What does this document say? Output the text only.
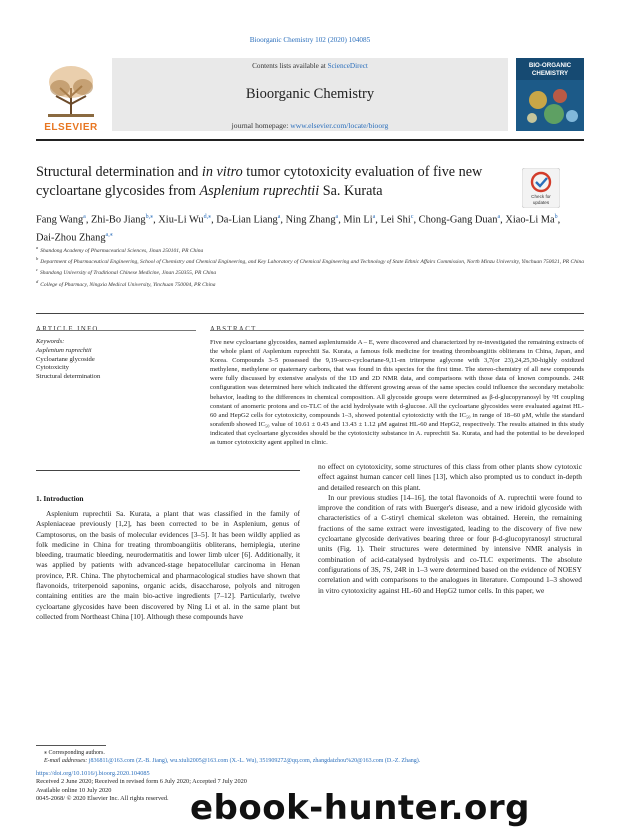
Bioorganic Chemistry 102 (2020) 104085
Contents lists available at ScienceDirect
Bioorganic Chemistry
journal homepage: www.elsevier.com/locate/bioorg
ELSEVIER
BIO-ORGANIC
CHEMISTRY
Structural determination and in vitro tumor cytotoxicity evaluation of five new cycloartane glycosides from Asplenium ruprechtii Sa. Kurata	Check for
updates
Fang Wang$^a$, Zhi-Bo Jiang$^{b,⁎}$, Xiu-Li $Wu^{d,⁎}$, Da-Lian Liang$^a$, Ning Zhang$^a$, Min Li$^a$, Lei Shi$^c$, Chong-Gang Duan$^a$, Xiao-Li Ma$^b$, Dai-Zhou Zhang$^{a,⁎}$
$^a$Shandong Academy of Pharmaceutical Sciences, Jinan 250101, PR China
$^b$Department of Pharmaceutical Engineering, School of Chemistry and Chemical Engineering, and Key Laboratory of Chemical Engineering and Technology of State Ethnic Affairs Commission, North Minzu University, Yinchuan 750021, PR China
$^c$Shandong University of Traditional Chinese Medicine, Jinan 250355, PR China
$^d$College of Pharmacy, Ningxia Medical University, Yinchuan 750004, PR China
Keywords:
Asplenium ruprechtii
Cycloartane glycoside
Cytotoxicity
Structural determination
Five new cycloartane glycosides, named aspleniumside A – E, were discovered and characterized by re-investigated the remaining extracts of the whole plant of Asplenium ruprechtii Sa. Kurata, a famous folk medicine for treating thromboangiitis obliterans in China, Japan, and Korea. Compounds 3–5 possessed the 9,19-seco-cycloartane-9,11-en triterpene aglycone with 3,7(or 23),24,25,30-highly oxidized methylene, methylene or quaternary carbons, that was found in this species for the first time. The stereo-chemistry of all new compounds were fully discussed by extensive analysis of the 1D and 2D NMR data, and comparisons with those data of known compounds. 24R configuration was determined here which indicated the different growing areas of the same species could influence the secondary metabolic behavior, leading to the differences in chemical composition. All glycoside groups were determined as β-d-glucopyranosyl by ¹H coupling constant of anomeric protons and co-TLC of the acid hydrolysate with d-glucose. All the cycloartane glycosides were evaluated against HL-60 and HepG2 cells for cytotoxicity, compounds 1–3, showed potential cytotoxicity with the IC₅₀ in range of 18–60 μM, while the standard sorafenib showed IC₅₀ value of 10.61 ± 0.43 and 13.43 ± 1.12 μM against HL-60 and HepG2, respectively. The results attained in this study indicated that cycloartane glycosides should be the cytotoxicity substance in A. ruprechtii Sa. Kurata, and had the potential to be developed as tumor cytotoxicity agent applied in clinic.
1. Introduction

Asplenium ruprechtii Sa. Kurata, a plant that was classified in the family of Aspleniaceae previously [1,2], has been corrected to be in Asplenium, genus of Camptosorus, on the basis of molecular evidences [3–5]. It has been wildly applied as folk medicine in China for treating thromboangiitis obliterans, hemiplegia, uterine bleeding, traumatic bleeding, neurodermatitis and lower limb ulcer [6]. Additionally, it was applied by patients with advanced-stage hepatocellular carcinoma in Henan province, P.R. China. The phytochemical and pharmacological studies have shown that flavonoids, triterpenoid saponins, organic acids, disaccharose, polyols and nitrogen containing entities are the main bio-active ingredients [7–12]. Particularly, twelve cycloartane glycosides have been discovered by Ning Li et al. in the same plant but collected from Northeast China [10]. Although these compounds have

no effect on cytotoxicity, some structures of this class from other plants show cytotoxic effect against human cancer cell lines [13], which also prompted us to conduct in-depth and detailed research on this plant.

In our previous studies [14–16], the total flavonoids of A. ruprechtii were found to improve the condition of rats with Buerger's disease, and a new iridoid glycoside with characteristics of a C-stiryl chemical skeleton was obtained. Herein, the remaining fractions of the same extract were investigated, leading to the discovery of five new cycloartane glycoside derivatives bearing three or four β-d-glucopyranosyl structural units (Fig. 1). Their structures were determined by intensive NMR analysis in combination of acid-catalysed hydrolysis and co-TLC experiments. The absolute configurations of 3S, 7S, 24R in 1–3 were determined based on the evidence of NOESY correlation and with comparisons to the analogues in literature. Compound 1–3 showed in vitro cytotoxicity against HL-60 and HepG2 tumor cells. In this paper, we

⁎ Corresponding authors.
E-mail addresses: j836811@163.com (Z.-B. Jiang), wu.xiuli2005@163.com (X.-L. Wu), 351909272@qq.com, zhangdaizhou%20@163.com (D.-Z. Zhang).
https://doi.org/10.1016/j.bioorg.2020.104085
Received 2 June 2020; Received in revised form 6 July 2020; Accepted 7 July 2020
Available online 10 July 2020
0045-2068/ © 2020 Elsevier Inc. All rights reserved. ebook-hunter.org
